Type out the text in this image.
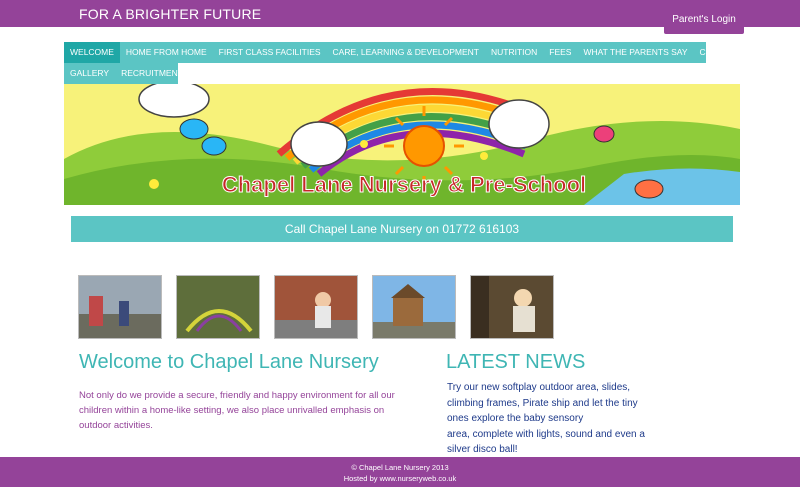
FOR A BRIGHTER FUTURE	Parent's Login
WELCOME	HOME FROM HOME	FIRST CLASS FACILITIES	CARE, LEARNING & DEVELOPMENT	NUTRITION	FEES	WHAT THE PARENTS SAY	CONTACT US
GALLERY	RECRUITMENT
Chapel Lane Nursery & Pre-School
Call Chapel Lane Nursery on 01772 616103
Welcome to Chapel Lane Nursery

Not only do we provide a secure, friendly and happy environment for all our children within a home-like setting, we also place unrivalled emphasis on outdoor activities.

LATEST NEWS
Try our new softplay outdoor area, slides, climbing frames, Pirate ship and let the tiny ones explore the baby sensory
area, complete with lights, sound and even a silver disco ball!
© Chapel Lane Nursery 2013
Hosted by www.nurseryweb.co.uk
